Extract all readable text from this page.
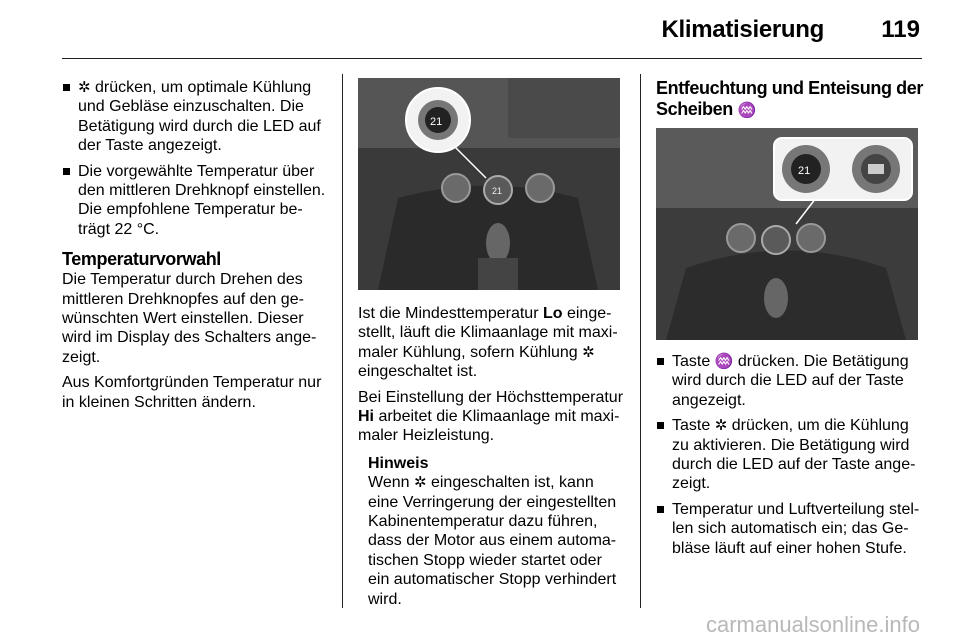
Klimatisierung 119
✲ drücken, um optimale Kühlung und Gebläse einzuschalten. Die Betätigung wird durch die LED auf der Taste angezeigt.
Die vorgewählte Temperatur über den mittleren Drehknopf einstellen. Die empfohlene Temperatur be-trägt 22 °C.
Temperaturvorwahl

Die Temperatur durch Drehen des mittleren Drehknopfes auf den ge-wünschten Wert einstellen. Dieser wird im Display des Schalters ange-zeigt.

Aus Komfortgründen Temperatur nur in kleinen Schritten ändern.

21
21

Ist die Mindesttemperatur Lo einge-stellt, läuft die Klimaanlage mit maxi-maler Kühlung, sofern Kühlung ✲ eingeschaltet ist.

Bei Einstellung der Höchsttemperatur Hi arbeitet die Klimaanlage mit maxi-maler Heizleistung.

Hinweis
Wenn ✲ eingeschalten ist, kann eine Verringerung der eingestellten Kabinentemperatur dazu führen, dass der Motor aus einem automa-tischen Stopp wieder startet oder ein automatischer Stopp verhindert wird.
Entfeuchtung und Enteisung der Scheiben ♒
21
Taste ♒ drücken. Die Betätigung wird durch die LED auf der Taste angezeigt.
Taste ✲ drücken, um die Kühlung zu aktivieren. Die Betätigung wird durch die LED auf der Taste ange-zeigt.
Temperatur und Luftverteilung stel-len sich automatisch ein; das Ge-bläse läuft auf einer hohen Stufe.
carmanualsonline.info
